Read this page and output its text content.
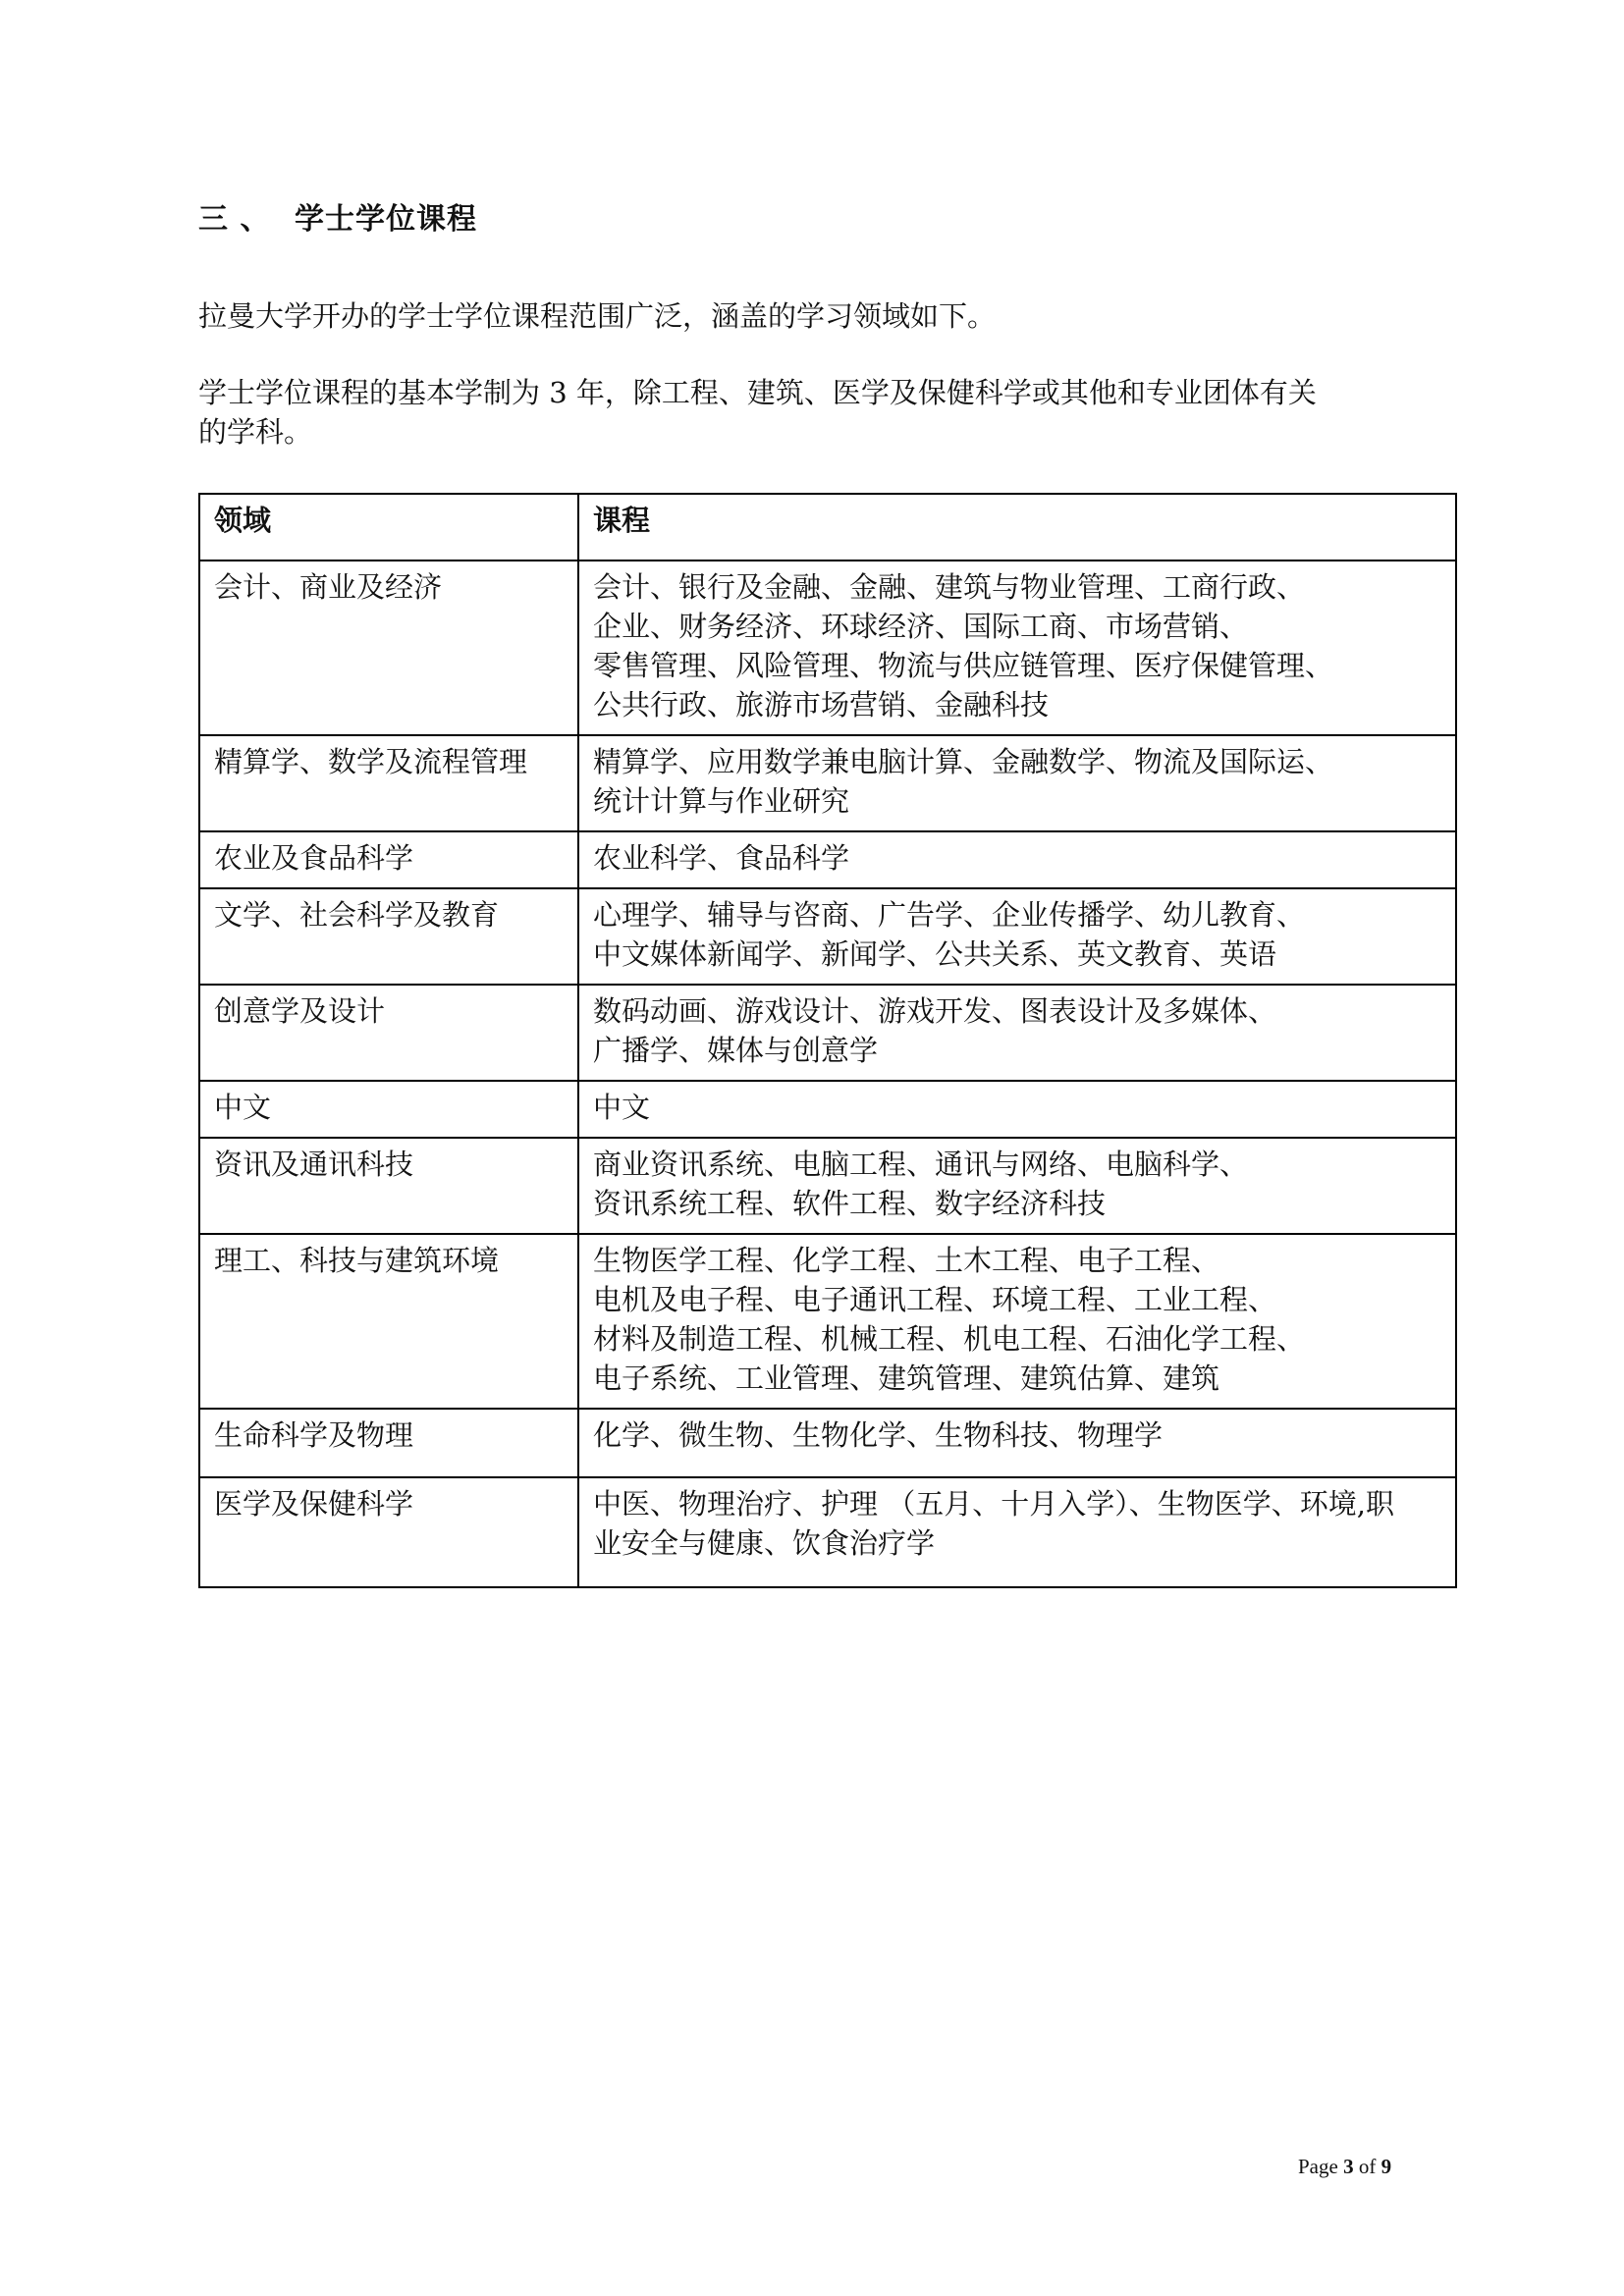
三 、 学士学位课程
拉曼大学开办的学士学位课程范围广泛，涵盖的学习领域如下。
学士学位课程的基本学制为 3 年，除工程、建筑、医学及保健科学或其他和专业团体有关
的学科。
领域	课程
会计、商业及经济	会计、银行及金融、金融、建筑与物业管理、工商行政、
企业、财务经济、环球经济、国际工商、市场营销、
零售管理、风险管理、物流与供应链管理、医疗保健管理、
公共行政、旅游市场营销、金融科技

精算学、数学及流程管理	精算学、应用数学兼电脑计算、金融数学、物流及国际运、
统计计算与作业研究

农业及食品科学	农业科学、食品科学

文学、社会科学及教育	心理学、辅导与咨商、广告学、企业传播学、幼儿教育、
中文媒体新闻学、新闻学、公共关系、英文教育、英语

创意学及设计	数码动画、游戏设计、游戏开发、图表设计及多媒体、
广播学、媒体与创意学

中文	中文

资讯及通讯科技	商业资讯系统、电脑工程、通讯与网络、电脑科学、
资讯系统工程、软件工程、数字经济科技

理工、科技与建筑环境	生物医学工程、化学工程、土木工程、电子工程、
电机及电子程、电子通讯工程、环境工程、工业工程、
材料及制造工程、机械工程、机电工程、石油化学工程、
电子系统、工业管理、建筑管理、建筑估算、建筑

生命科学及物理	化学、微生物、生物化学、生物科技、物理学

医学及保健科学	中医、物理治疗、护理 （五月、十月入学）、生物医学、环境,职
业安全与健康、饮食治疗学
Page 3 of 9
